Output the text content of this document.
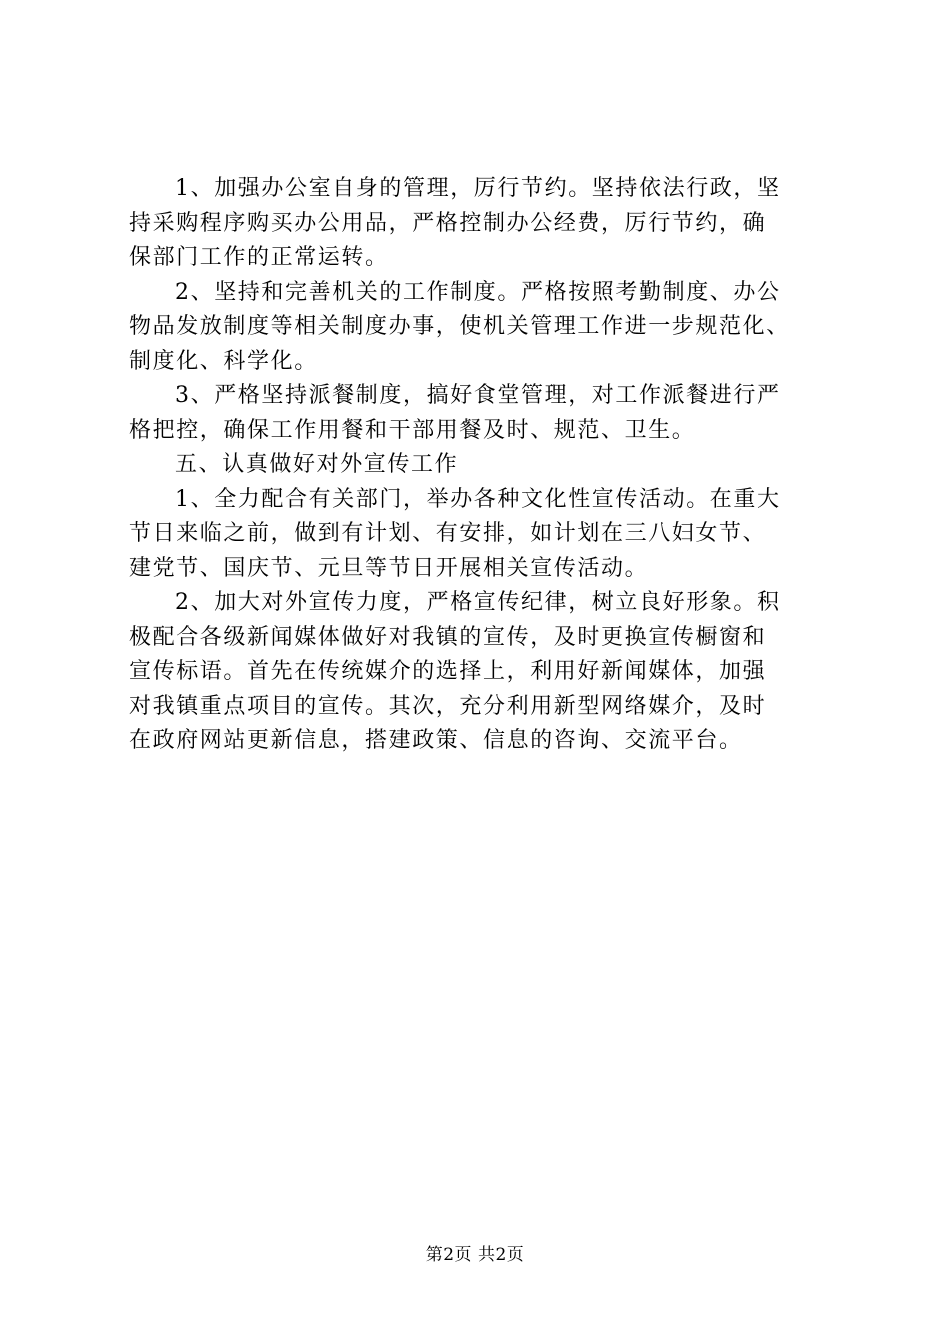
1、加强办公室自身的管理，厉行节约。坚持依法行政，坚
持采购程序购买办公用品，严格控制办公经费，厉行节约，确
保部门工作的正常运转。
2、坚持和完善机关的工作制度。严格按照考勤制度、办公
物品发放制度等相关制度办事，使机关管理工作进一步规范化、
制度化、科学化。
3、严格坚持派餐制度，搞好食堂管理，对工作派餐进行严
格把控，确保工作用餐和干部用餐及时、规范、卫生。
五、认真做好对外宣传工作
1、全力配合有关部门，举办各种文化性宣传活动。在重大
节日来临之前，做到有计划、有安排，如计划在三八妇女节、
建党节、国庆节、元旦等节日开展相关宣传活动。
2、加大对外宣传力度，严格宣传纪律，树立良好形象。积
极配合各级新闻媒体做好对我镇的宣传，及时更换宣传橱窗和
宣传标语。首先在传统媒介的选择上，利用好新闻媒体，加强
对我镇重点项目的宣传。其次，充分利用新型网络媒介，及时
在政府网站更新信息，搭建政策、信息的咨询、交流平台。
第2页 共2页
